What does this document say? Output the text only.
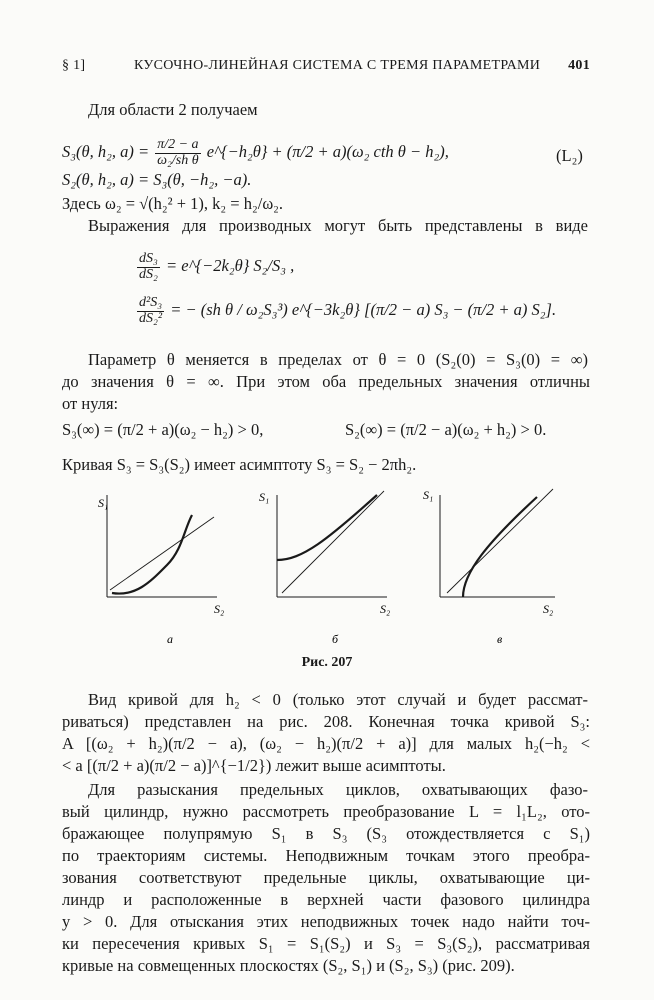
§ 1]	КУСОЧНО-ЛИНЕЙНАЯ СИСТЕМА С ТРЕМЯ ПАРАМЕТРАМИ 401
Для области 2 получаем
S₃(θ, h₂, $a) = \frac{\pi/2 - a}{\text{ω₂/sh θ}}$ e^{−h₂θ} + (π/2 + a)(ω₂ cth θ − h₂),	(L₂)
S₂(θ, h₂, a) = S₃(θ, −h₂, −a).
Здесь ω₂ = √(h₂² + 1), k₂ = h₂/ω₂.
Выражения для производных могут быть представлены в виде
$\frac{\text{dS₃}}{\text{dS₂}}$ = e^{−2k₂θ} S₂/S₃ ,
$\frac{\text{d²S₃}}{\text{dS₂²}}$ = − (sh θ / ω₂S₃³) e^{−3k₂θ} [(π/2 − a) S₃ − (π/2 + a) S₂].
Параметр θ меняется в пределах от θ = 0 (S₂(0) = S₃(0) = ∞)
до значения θ = ∞. При этом оба предельных значения отличны
от нуля:
S₃(∞) = (π/2 + a)(ω₂ − h₂) > 0,	S₂(∞) = (π/2 − a)(ω₂ + h₂) > 0.
Кривая S₃ = S₃(S₂) имеет асимптоту S₃ = S₂ − 2πh₂.
S₁
S₂
а
S₁
S₂
б
S₁
S₂
в
Рис. 207
Вид кривой для h₂ < 0 (только этот случай и будет рассмат-
риваться) представлен на рис. 208. Конечная точка кривой S₃:
A [(ω₂ + h₂)(π/2 − a), (ω₂ − h₂)(π/2 + a)] для малых h₂(−h₂ <
< a [(π/2 + a)(π/2 − a)]^{−1/2}) лежит выше асимптоты.
Для разыскания предельных циклов, охватывающих фазо-
вый цилиндр, нужно рассмотреть преобразование L = l₁L₂, ото-
бражающее полупрямую S₁ в S₃ (S₃ отождествляется с S₁)
по траекториям системы. Неподвижным точкам этого преобра-
зования соответствуют предельные циклы, охватывающие ци-
линдр и расположенные в верхней части фазового цилиндра
y > 0. Для отыскания этих неподвижных точек надо найти точ-
ки пересечения кривых S₁ = S₁(S₂) и S₃ = S₃(S₂), рассматривая
кривые на совмещенных плоскостях (S₂, S₁) и (S₂, S₃) (рис. 209).
